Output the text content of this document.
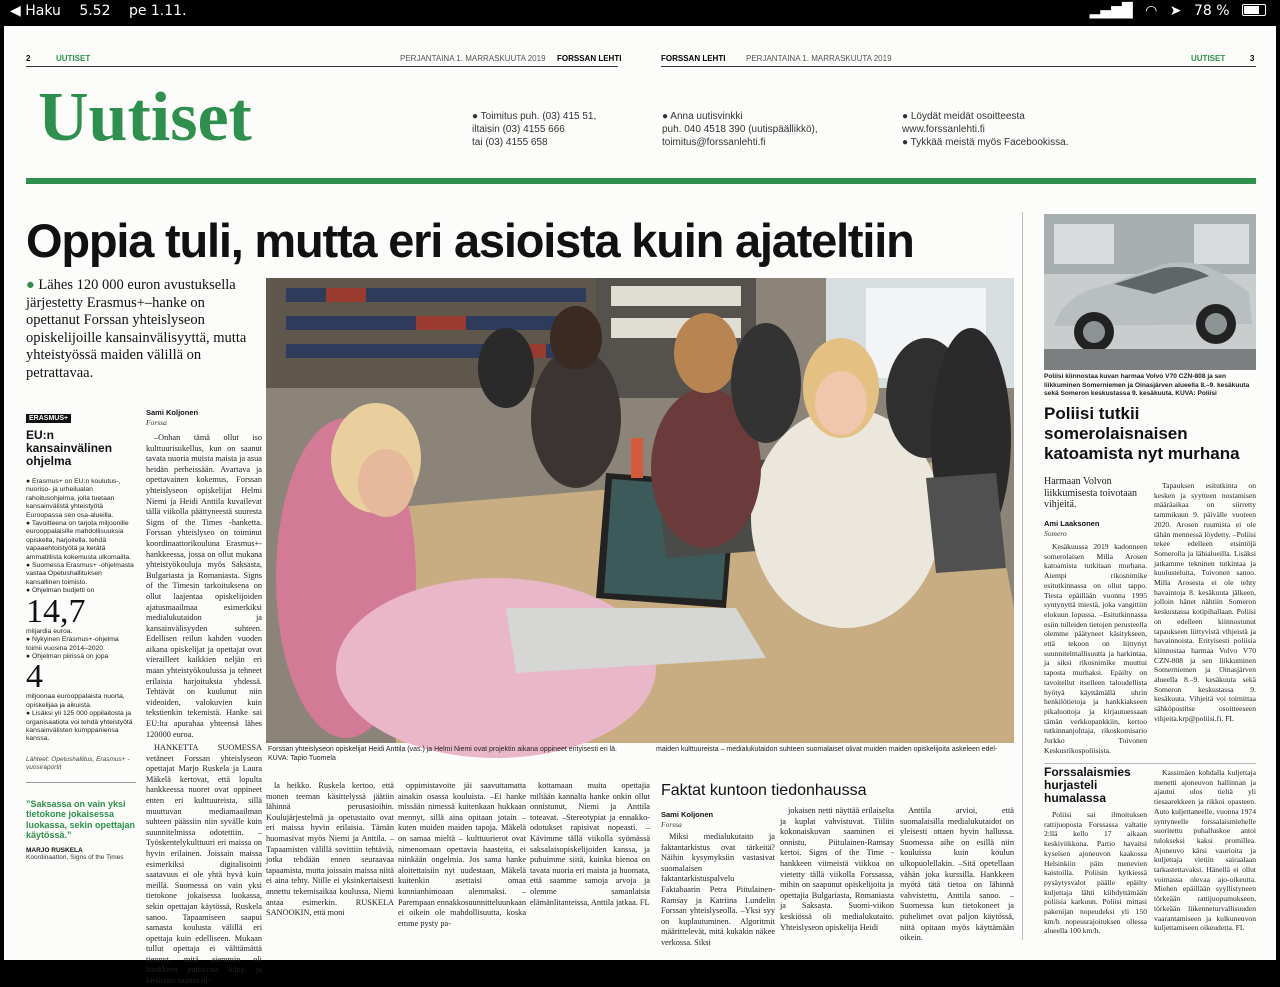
◀ Haku 5.52 pe 1.11.	▂▄▆█ ◠ ➤ 78 %
2	UUTISET	PERJANTAINA 1. MARRASKUUTA 2019 FORSSAN LEHTI	FORSSAN LEHTI	PERJANTAINA 1. MARRASKUUTA 2019	UUTISET	3
Uutiset	● Toimitus puh. (03) 415 51,
iltaisin (03) 4155 666
tai (03) 4155 658
● Anna uutisvinkki
puh. 040 4518 390 (uutispäällikkö),
toimitus@forssanlehti.fi
● Löydät meidät osoitteesta
www.forssanlehti.fi
● Tykkää meistä myös Facebookissa.
Oppia tuli, mutta eri asioista kuin ajateltiin
● Lähes 120 000 euron avustuksella järjestetty Erasmus+–hanke on opettanut Forssan yhteislyseon opiskelijoille kansainvälisyyttä, mutta yhteistyössä maiden välillä on petrattavaa.
ERASMUS+
EU:n kansainvälinen ohjelma
● Erasmus+ on EU:n koulutus-, nuoriso- ja urheilualan rahoitusohjelma, jolla tuetaan kansainvälistä yhteistyötä Euroopassa sen osa-alueilla.
● Tavoitteena on tarjota miljoonille eurooppalaisille mahdollisuuksia opiskella, harjoitella, tehdä vapaaehtoistyötä ja kerätä ammatillista kokemusta ulkomailta.
● Suomessa Erasmus+ -ohjelmasta vastaa Opetushallituksen kansallinen toimisto.
● Ohjelman budjetti on
14,7
miljardia euroa.
● Nykyinen Erasmus+-ohjelma toimii vuosina 2014–2020.
● Ohjelman piirissä on jopa
4
miljoonaa eurooppalaista nuorta, opiskelijaa ja aikuista.
● Lisäksi yli 125 000 oppilaitosta ja organisaatiota voi tehdä yhteistyötä kansainvälisten kumppaniensa kanssa.
Lähteet: Opetushallitus, Erasmus+ -vuosiraportit
”Saksassa on vain yksi tietokone jokaisessa luokassa, sekin opettajan käytössä.”
MARJO RUSKELA
Koordinaattori, Signs of the Times
Sami Koljonen
Forssa

–Onhan tämä ollut iso kulttuurisukellus, kun on saanut tavata nuoria muista maista ja asua heidän perheissään. Avartava ja opettavainen kokemus, Forssan yhteislyseon opiskelijat Helmi Niemi ja Heidi Anttila kuvailevat tällä viikolla päättyneestä suuresta Signs of the Times -hanketta. Forssan yhteislyseo on toiminut koordinaattorikouluna Erasmus+-hankkeessa, jossa on ollut mukana yhteistyökouluja myös Saksasta, Bulgariasta ja Romaniasta. Signs of the Timesin tarkoituksena on ollut laajentaa opiskelijoiden ajatusmaailmaa esimerkiksi medialukutaidon ja kansainvälisyyden suhteen. Edellisen reilun kahden vuoden aikana opiskelijat ja opettajat ovat vierailleet kaikkien neljän eri maan yhteistyökoulussa ja tehneet erilaisia harjoituksia yhdessä. Tehtävät on kuulunut niin videoiden, valokuvien kuin tekstienkin tekemistä. Hanke sai EU:lta apurahaa yhteensä lähes 120000 euroa.

HANKETTA SUOMESSA vetäneet Forssan yhteislyseon opettajat Marjo Ruskela ja Laura Mäkelä kertovat, että lopulta hankkeessa nuoret ovat oppineet enten eri kulttuureista, sillä muuttuvan mediamaailman suhteen päässiin niin syvälle kuin suunnitelmissa odotettiin. –Työskentelykulttuuri eri maissa on hyvin erilainen. Joissain maissa esimerkiksi digitalisointi saatavuus ei ole yhtä hyvä kuin meillä. Suomessa on vain yksi tietokone jokaisessa luokassa, sekin opettajan käytössä, Ruskela sanoo. Tapaamiseen saapui samasta koulusta välillä eri opettaja kuin edelliseen. Mukaan tullut opettaja ei välttämättä tiennyt, mitä aiemmin oli hankkeen puitteissa tehty, ja kielitaito saattoi ol-

Forssan yhteislyseon opiskelijat Heidi Anttila (vas.) ja Helmi Niemi ovat projektin aikana oppineet erityisesti eri lä. KUVA: Tapio Tuomela
maiden kulttuureista – medialukutaidon suhteen suomalaiset olivat muiden maiden opiskelijoita askeleen edel-

la heikko. Ruskela kertoo, että monen teeman käsittelyssä jäätiin lähinnä perusasioihin. Koulujärjestelmä ja opetustaito ovat eri maissa hyvin erilaisia. Tämän huomasivat myös Niemi ja Anttila. –Tapaamisten välillä sovittiin tehtäviä, jotka tehdään ennen seuraavaa tapaamista, mutta joissain maissa niitä ei aina tehty. Niille ei yksinkertaisesti annettu tekemisaikaa koulussa, Niemi antaa esimerkin. RUSKELA SANOOKIN, että moni

oppimistavoite jäi saavuttamatta ainakin osassa kouluista. –Ei hanke missään nimessä kuitenkaan hukkaan mennyt, sillä aina opitaan jotain – kuten muiden maiden tapoja. Mäkelä on samaa mieltä – kulttuurierot ovat nimenomaan opettavia haasteita, ei niinkään ongelmia. Jos sama hanke aloitettaisiin nyt uudestaan, Mäkelä kuitenkin asettaisi omaa kunnianhimoaan alemmaksi. –Parempaan ennakkosuunnitteluunkaan ei oikein ole mahdollisuutta, koska emme pysty pa-

kottamaan muita opettajia miltään kannalta hanke onkin ollut onnistunut, Niemi ja Anttila toteavat. –Stereotypiat ja ennakko-odotukset rapisivat nopeasti. –Kävimme tällä viikolla syömässä saksalaisopiskelijoiden kanssa, ja puhuimme siitä, kuinka hienoa on tavata nuoria eri maista ja huomata, että saamme samoja arvoja ja olemme samanlaisia elämänlitanteissa, Anttila jatkaa. FL

Faktat kuntoon tiedonhaussa
Sami Koljonen
Forssa

Miksi medialukutaito ja faktantarkistus ovat tärkeitä? Näihin kysymyksiin vastasivat suomalaisen faktantarkistuspalvelu Faktabaarin Petra Piitulainen-Ramsay ja Katriina Lundelin Forssan yhteislyseolla. –Yksi syy on kuplautuminen. Algoritmit määrittelevät, mitä kukakin näkee verkossa. Siksi

jokaisen netti näyttää erilaiselta ja kuplat vahvistuvat. Tiiliin kokonaiskuvan saaminen ei onnistu, Piitulainen-Ramsay kertoi. Signs of the Time -hankkeen viimeistä viikkoa on vietetty tällä viikolla Forssassa, mihin on saapunut opiskelijoita ja opettajia Bulgariasta, Romaniasta ja Saksasta. Suomi-viikon keskiössä oli medialukutaito. Yhteislyseon opiskelija Heidi

Anttila arvioi, että suomalaisilla medialukutaidot on yleisesti ottaen hyvin hallussa. Suomessa aihe on esillä niin kouluissa kuin koulun ulkopuolellakin. –Sitä opetellaan vähän joka kurssilla. Hankkeen myötä tätä tietoa on lähinnä vahvistettu, Anttila sanoo. –Suomessa kun tietokoneet ja puhelimet ovat paljon käytössä, niitä opitaan myös käyttämään oikein.

Poliisi kiinnostaa kuvan harmaa Volvo V70 CZN-808 ja sen liikkuminen Somerniemen ja Oinasjärven alueella 8.–9. kesäkuuta sekä Someron keskustassa 9. kesäkuuta. KUVA: Poliisi
Poliisi tutkii somerolaisnaisen katoamista nyt murhana
Harmaan Volvon liikkumisesta toivotaan vihjeitä.
Ami Laaksonen
Somero

Kesäkuussa 2019 kadonneen somerolaisen Milla Arosen katoamista tutkitaan murhana. Aiempi rikosnimike esitutkinnassa on ollut tappo. Tiesta epäillään vuonna 1995 syntynyttä miestä, joka vangittiin elokuun lopussa. –Esitutkinnassa esiin tulleiden tietojen perusteella olemme päätyneet käsitykseen, että tekoon on liittynyt suunnitelmallisuutta ja harkintaa, ja siksi rikosnimike muuttui taposta murhaksi. Epäilty on tavoitellut itselleen taloudellista hyötyä käyttämällä uhrin henkilötietoja ja hankkiakseen pikaluottoja ja kirjautuessaan tämän verkkopankkiin, kertoo tutkinnanjohtaja, rikoskomisario Jurkko Toivonen Keskusrikospoliisista.

Tapauksen esitutkinta on kesken ja syytteen nostamisen määräaikaa on siirretty tammikuun 9. päivälle vuoteen 2020. Arosen ruumista ei ole tähän mennessä löydetty. –Poliisi tekee edelleen etsintöjä Somerolla ja lähialueilla. Lisäksi jatkamme tekninen tutkintaa ja kuulusteluita, Toivonen sanoo. Milla Arosesta ei ole tehty havaintoja 8. kesäkuuta jälkeen, jolloin hänet nähtiin Someron keskustassa kotipihallaan. Poliisi on edelleen kiinnostunut tapaukseen liittyvistä vihjeistä ja havainnoista. Erityisesti poliisia kiinnostaa harmaa Volvo V70 CZN-808 ja sen liikkuminen Somerniemen ja Oinasjärven alueella 8.–9. kesäkuuta sekä Someron keskustassa 9. kesäkuuta. Vihjeitä voi toimittaa sähköpostitse osoitteeseen vihjeita.krp@poliisi.fi. FL

Forssalaismies hurjasteli humalassa

Poliisi sai ilmoituksen rattijuoposta Forssassa valtatie 2:llä kello 17 aikaan keskiviikkona. Partio havaitsi kyseisen ajoneuvon kaakossa Helsinkiin päin menevien kaistoilla. Poliisin kytkiessä pysäytysvalot päälle epäilty kuljettaja lähti kiihdyttämään poliisia karkuun. Poliisi mittasi pakenijan nopeudeksi yli 150 km/h nopeusrajoituksen ollessa alueella 100 km/h.

Kassimäen kohdalla kuljettaja menetti ajoneuvon hallinnan ja ajautui ulos tieltä yli tiesaarekkeen ja rikkoi opasteen. Auto kuljettaneelle, vuonna 1974 syntyneelle forssalaismiehelle suoritettu puhalluskoe antoi tulokseksi kaksi promillea. Ajoneuvo kärsi vaurioita ja kuljettaja vietiin sairaalaan tarkastettavaksi. Hänellä ei ollut voimassa olevaa ajo-oikeutta. Miehen epäillään syyllistyneen törkeään rattijuopumukseen, törkeään liikenneturvallisuuden vaarantamiseen ja kulkuneuvon kuljettamiseen oikeudetta. FL
